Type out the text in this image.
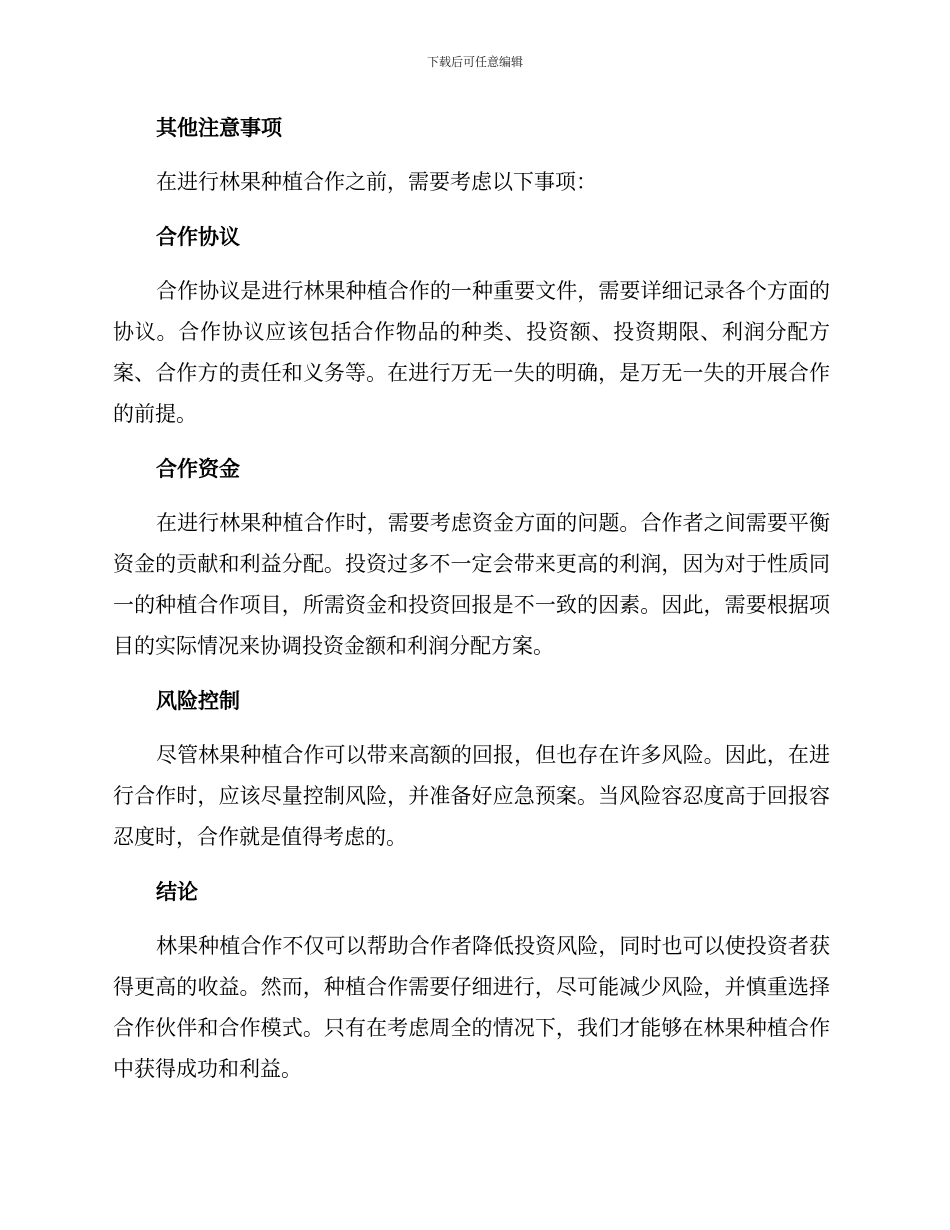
下载后可任意编辑
其他注意事项
在进行林果种植合作之前，需要考虑以下事项：
合作协议
合作协议是进行林果种植合作的一种重要文件，需要详细记录各个方面的协议。合作协议应该包括合作物品的种类、投资额、投资期限、利润分配方案、合作方的责任和义务等。在进行万无一失的明确，是万无一失的开展合作的前提。
合作资金
在进行林果种植合作时，需要考虑资金方面的问题。合作者之间需要平衡资金的贡献和利益分配。投资过多不一定会带来更高的利润，因为对于性质同一的种植合作项目，所需资金和投资回报是不一致的因素。因此，需要根据项目的实际情况来协调投资金额和利润分配方案。
风险控制
尽管林果种植合作可以带来高额的回报，但也存在许多风险。因此，在进行合作时，应该尽量控制风险，并准备好应急预案。当风险容忍度高于回报容忍度时，合作就是值得考虑的。
结论
林果种植合作不仅可以帮助合作者降低投资风险，同时也可以使投资者获得更高的收益。然而，种植合作需要仔细进行，尽可能减少风险，并慎重选择合作伙伴和合作模式。只有在考虑周全的情况下，我们才能够在林果种植合作中获得成功和利益。
